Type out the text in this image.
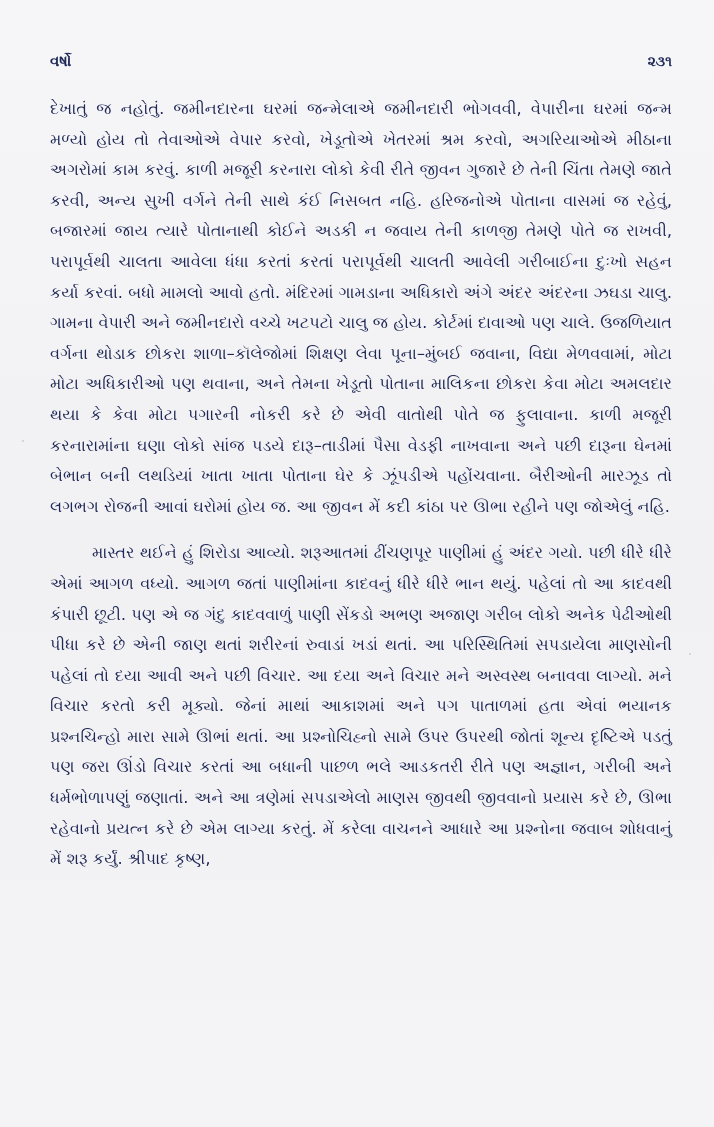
વર્ષો	૨૩૧

દેખાતું જ નહોતું. જમીનદારના ઘરમાં જન્મેલાએ જમીનદારી ભોગવવી, વેપારીના ઘરમાં જન્મ મળ્યો હોય તો તેવાઓએ વેપાર કરવો, ખેડૂતોએ ખેતરમાં શ્રમ કરવો, અગરિયાઓએ મીઠાના અગરોમાં કામ કરવું. કાળી મજૂરી કરનારા લોકો કેવી રીતે જીવન ગુજારે છે તેની ચિંતા તેમણે જાતે કરવી, અન્ય સુખી વર્ગને તેની સાથે કંઈ નિસબત નહિ. હરિજનોએ પોતાના વાસમાં જ રહેવું, બજારમાં જાય ત્યારે પોતાનાથી કોઈને અડકી ન જવાય તેની કાળજી તેમણે પોતે જ રાખવી, પરાપૂર્વથી ચાલતા આવેલા ધંધા કરતાં કરતાં પરાપૂર્વથી ચાલતી આવેલી ગરીબાઈના દુઃખો સહન કર્યા કરવાં. બધો મામલો આવો હતો. મંદિરમાં ગામડાના અધિકારો અંગે અંદર અંદરના ઝઘડા ચાલુ. ગામના વેપારી અને જમીનદારો વચ્ચે ખટપટો ચાલુ જ હોય. કોર્ટમાં દાવાઓ પણ ચાલે. ઉજળિયાત વર્ગના થોડાક છોકરા શાળા–કૉલેજોમાં શિક્ષણ લેવા પૂના–મુંબઈ જવાના, વિદ્યા મેળવવામાં, મોટા મોટા અધિકારીઓ પણ થવાના, અને તેમના ખેડૂતો પોતાના માલિકના છોકરા કેવા મોટા અમલદાર થયા કે કેવા મોટા પગારની નોકરી કરે છે એવી વાતોથી પોતે જ ફુલાવાના. કાળી મજૂરી કરનારામાંના ઘણા લોકો સાંજ પડયે દારૂ–તાડીમાં પૈસા વેડફી નાખવાના અને પછી દારૂના ઘેનમાં બેભાન બની લથડિયાં ખાતા ખાતા પોતાના ઘેર કે ઝૂંપડીએ પહોંચવાના. બૈરીઓની મારઝૂડ તો લગભગ રોજની આવાં ઘરોમાં હોય જ. આ જીવન મેં કદી કાંઠા પર ઊભા રહીને પણ જોએલું નહિ.

માસ્તર થઈને હું શિરોડા આવ્યો. શરૂઆતમાં ઢીંચણપૂર પાણીમાં હું અંદર ગયો. પછી ધીરે ધીરે એમાં આગળ વધ્યો. આગળ જતાં પાણીમાંના કાદવનું ધીરે ધીરે ભાન થયું. પહેલાં તો આ કાદવથી કંપારી છૂટી. પણ એ જ ગંદુ કાદવવાળું પાણી સેંકડો અભણ અજાણ ગરીબ લોકો અનેક પેઢીઓથી પીધા કરે છે એની જાણ થતાં શરીરનાં રુવાડાં ખડાં થતાં. આ પરિસ્થિતિમાં સપડાયેલા માણસોની પહેલાં તો દયા આવી અને પછી વિચાર. આ દયા અને વિચાર મને અસ્વસ્થ બનાવવા લાગ્યો. મને વિચાર કરતો કરી મૂક્યો. જેનાં માથાં આકાશમાં અને પગ પાતાળમાં હતા એવાં ભયાનક પ્રશ્નચિન્હો મારા સામે ઊભાં થતાં. આ પ્રશ્નોચિહ્નો સામે ઉપર ઉપરથી જોતાં શૂન્ય દૃષ્ટિએ પડતું પણ જરા ઊંડો વિચાર કરતાં આ બધાની પાછળ ભલે આડકતરી રીતે પણ અજ્ઞાન, ગરીબી અને ધર્મભોળાપણું જણાતાં. અને આ ત્રણેમાં સપડાએલો માણસ જીવથી જીવવાનો પ્રયાસ કરે છે, ઊભા રહેવાનો પ્રયત્ન કરે છે એમ લાગ્યા કરતું. મેં કરેલા વાચનને આધારે આ પ્રશ્નોના જવાબ શોધવાનું મેં શરૂ કર્યું. શ્રીપાદ કૃષ્ણ,
